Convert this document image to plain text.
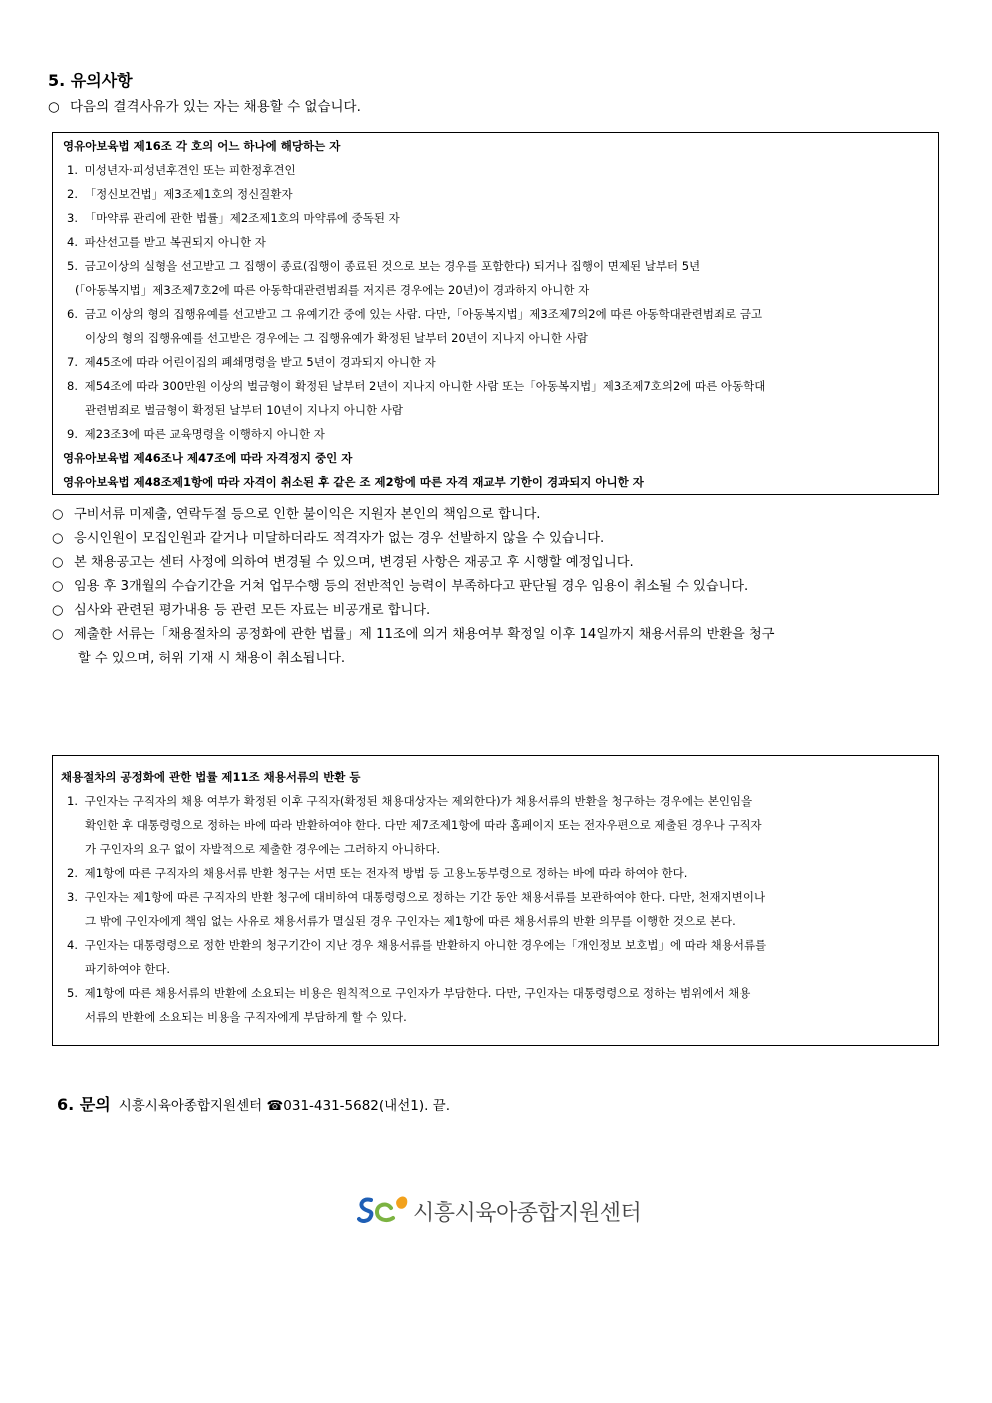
5. 유의사항
○ 다음의 결격사유가 있는 자는 채용할 수 없습니다.
영유아보육법 제16조 각 호의 어느 하나에 해당하는 자
1. 미성년자·피성년후견인 또는 피한정후견인
2. 「정신보건법」제3조제1호의 정신질환자
3. 「마약류 관리에 관한 법률」제2조제1호의 마약류에 중독된 자
4. 파산선고를 받고 복권되지 아니한 자
5. 금고이상의 실형을 선고받고 그 집행이 종료(집행이 종료된 것으로 보는 경우를 포함한다) 되거나 집행이 면제된 날부터 5년
(「아동복지법」제3조제7호2에 따른 아동학대관련범죄를 저지른 경우에는 20년)이 경과하지 아니한 자
6. 금고 이상의 형의 집행유예를 선고받고 그 유예기간 중에 있는 사람. 다만,「아동복지법」제3조제7의2에 따른 아동학대관련범죄로 금고
이상의 형의 집행유예를 선고받은 경우에는 그 집행유예가 확정된 날부터 20년이 지나지 아니한 사람
7. 제45조에 따라 어린이집의 폐쇄명령을 받고 5년이 경과되지 아니한 자
8. 제54조에 따라 300만원 이상의 벌금형이 확정된 날부터 2년이 지나지 아니한 사람 또는「아동복지법」제3조제7호의2에 따른 아동학대
관련범죄로 벌금형이 확정된 날부터 10년이 지나지 아니한 사람
9. 제23조3에 따른 교육명령을 이행하지 아니한 자
영유아보육법 제46조나 제47조에 따라 자격정지 중인 자
영유아보육법 제48조제1항에 따라 자격이 취소된 후 같은 조 제2항에 따른 자격 재교부 기한이 경과되지 아니한 자
○ 구비서류 미제출, 연락두절 등으로 인한 불이익은 지원자 본인의 책임으로 합니다.
○ 응시인원이 모집인원과 같거나 미달하더라도 적격자가 없는 경우 선발하지 않을 수 있습니다.
○ 본 채용공고는 센터 사정에 의하여 변경될 수 있으며, 변경된 사항은 재공고 후 시행할 예정입니다.
○ 임용 후 3개월의 수습기간을 거쳐 업무수행 등의 전반적인 능력이 부족하다고 판단될 경우 임용이 취소될 수 있습니다.
○ 심사와 관련된 평가내용 등 관련 모든 자료는 비공개로 합니다.
○ 제출한 서류는「채용절차의 공정화에 관한 법률」제 11조에 의거 채용여부 확정일 이후 14일까지 채용서류의 반환을 청구
할 수 있으며, 허위 기재 시 채용이 취소됩니다.
채용절차의 공정화에 관한 법률 제11조 채용서류의 반환 등
1. 구인자는 구직자의 채용 여부가 확정된 이후 구직자(확정된 채용대상자는 제외한다)가 채용서류의 반환을 청구하는 경우에는 본인임을
확인한 후 대통령령으로 정하는 바에 따라 반환하여야 한다. 다만 제7조제1항에 따라 홈페이지 또는 전자우편으로 제출된 경우나 구직자
가 구인자의 요구 없이 자발적으로 제출한 경우에는 그러하지 아니하다.
2. 제1항에 따른 구직자의 채용서류 반환 청구는 서면 또는 전자적 방법 등 고용노동부령으로 정하는 바에 따라 하여야 한다.
3. 구인자는 제1항에 따른 구직자의 반환 청구에 대비하여 대통령령으로 정하는 기간 동안 채용서류를 보관하여야 한다. 다만, 천재지변이나
그 밖에 구인자에게 책임 없는 사유로 채용서류가 멸실된 경우 구인자는 제1항에 따른 채용서류의 반환 의무를 이행한 것으로 본다.
4. 구인자는 대통령령으로 정한 반환의 청구기간이 지난 경우 채용서류를 반환하지 아니한 경우에는「개인정보 보호법」에 따라 채용서류를
파기하여야 한다.
5. 제1항에 따른 채용서류의 반환에 소요되는 비용은 원칙적으로 구인자가 부담한다. 다만, 구인자는 대통령령으로 정하는 범위에서 채용
서류의 반환에 소요되는 비용을 구직자에게 부담하게 할 수 있다.
6. 문의 시흥시육아종합지원센터 ☎031-431-5682(내선1). 끝.
시흥시육아종합지원센터
